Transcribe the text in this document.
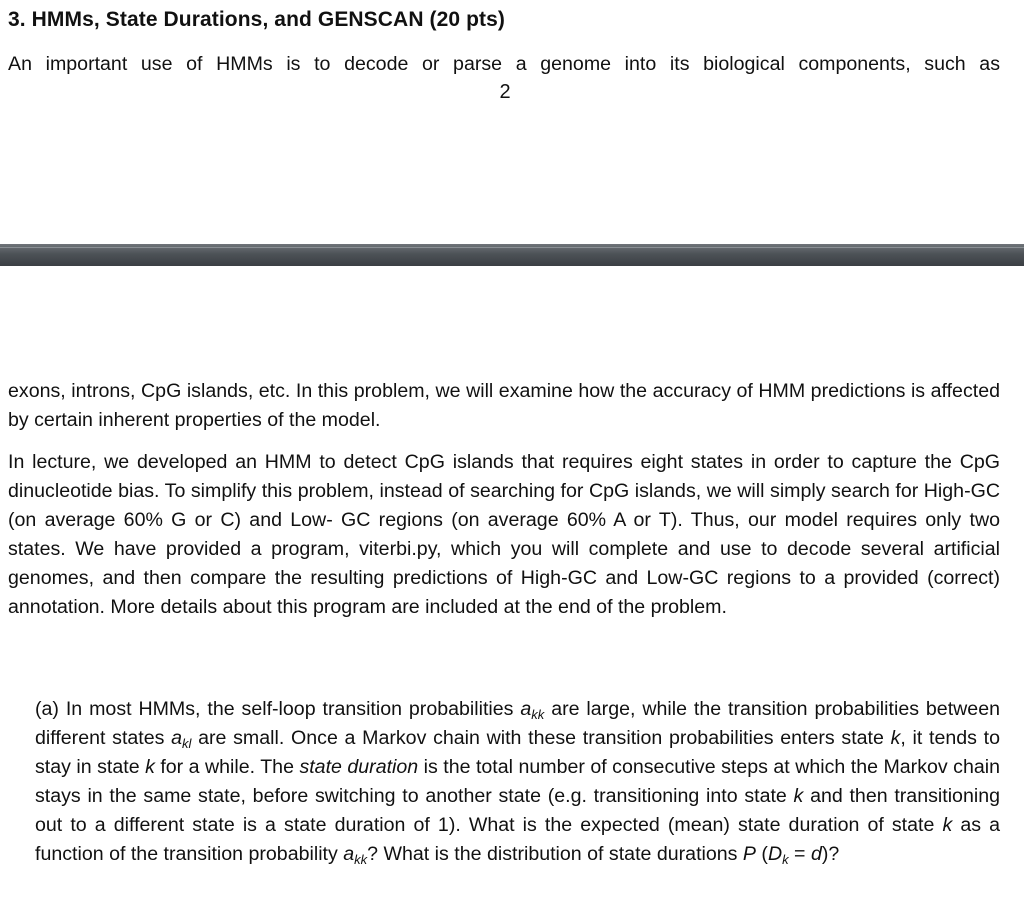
3. HMMs, State Durations, and GENSCAN (20 pts)
An important use of HMMs is to decode or parse a genome into its biological components, such as
2
exons, introns, CpG islands, etc. In this problem, we will examine how the accuracy of HMM predictions is affected by certain inherent properties of the model.
In lecture, we developed an HMM to detect CpG islands that requires eight states in order to capture the CpG dinucleotide bias. To simplify this problem, instead of searching for CpG islands, we will simply search for High-GC (on average 60% G or C) and Low- GC regions (on average 60% A or T). Thus, our model requires only two states. We have provided a program, viterbi.py, which you will complete and use to decode several artificial genomes, and then compare the resulting predictions of High-GC and Low-GC regions to a provided (correct) annotation. More details about this program are included at the end of the problem.
(a) In most HMMs, the self-loop transition probabilities $a_{kk}$ are large, while the transition probabilities between different states $a_{kl}$ are small. Once a Markov chain with these transition probabilities enters state k, it tends to stay in state k for a while. The state duration is the total number of consecutive steps at which the Markov chain stays in the same state, before switching to another state (e.g. transitioning into state k and then transitioning out to a different state is a state duration of 1). What is the expected (mean) state duration of state k as a function of the transition probability $a_{kk}$? What is the distribution of state durations P $(D_k = d)$?
